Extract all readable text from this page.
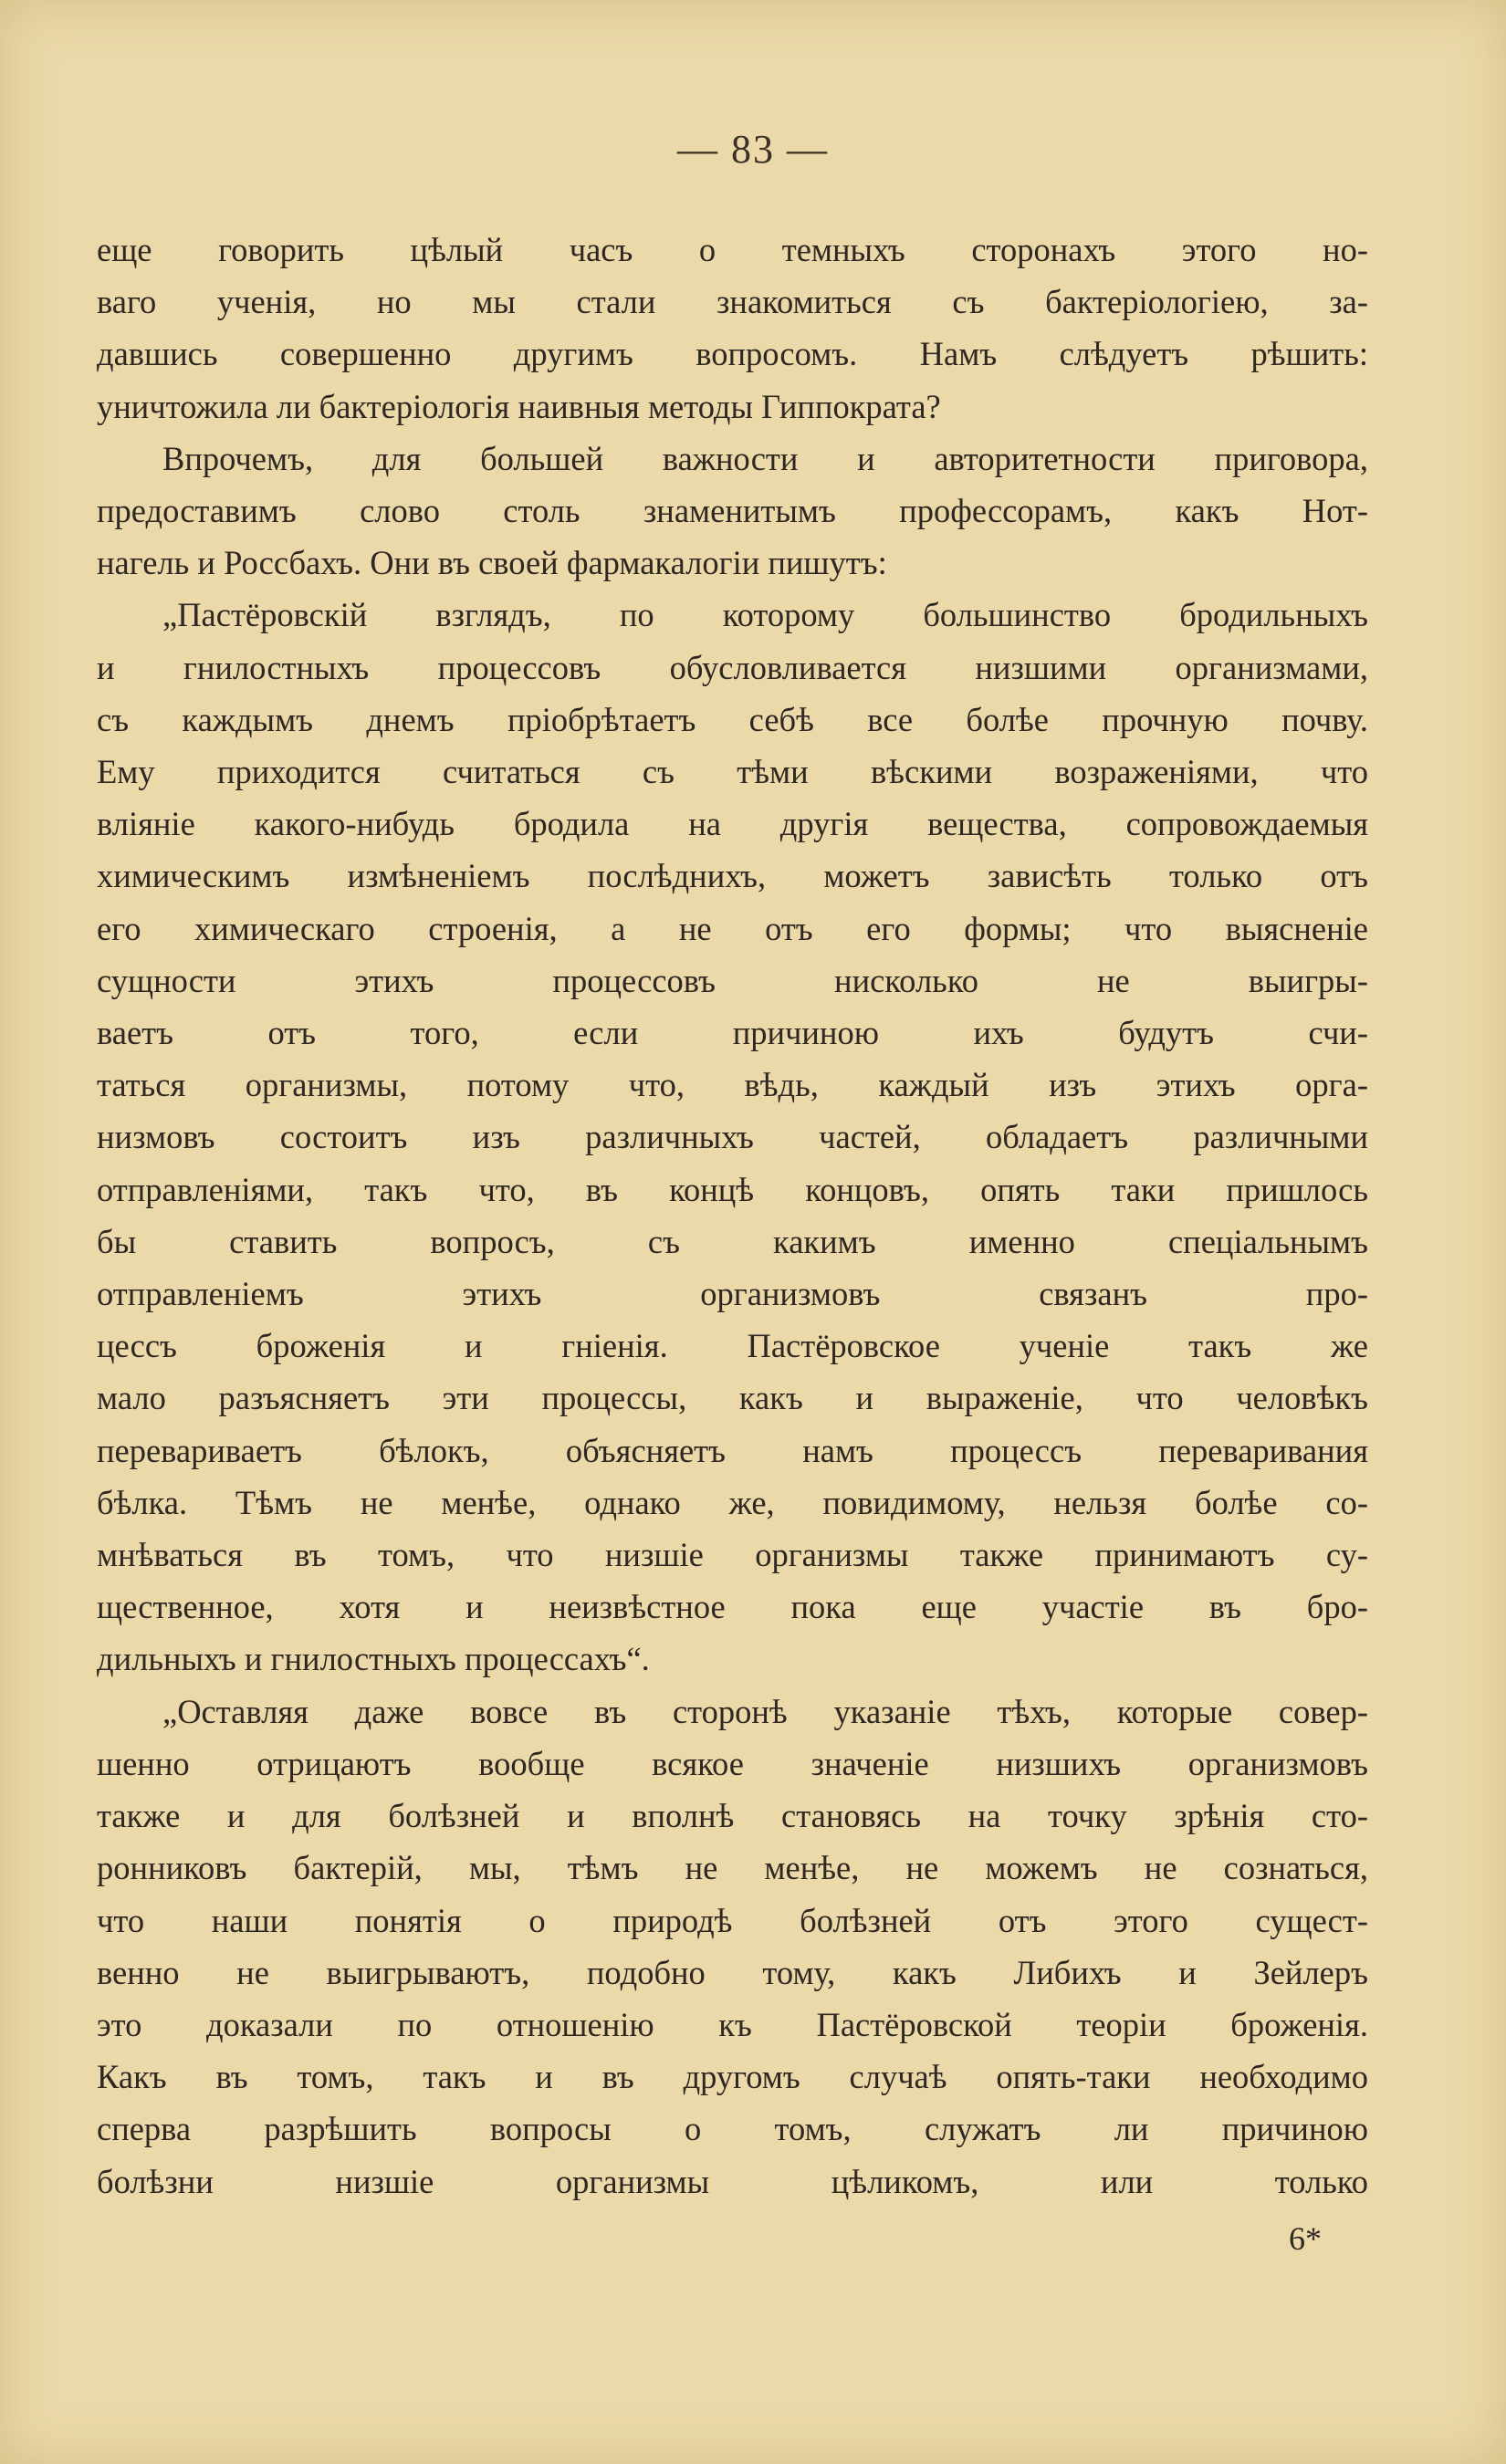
— 83 —
еще говорить цѣлый часъ о темныхъ сторонахъ этого но-
ваго ученія, но мы стали знакомиться съ бактеріологіею, за-
давшись совершенно другимъ вопросомъ. Намъ слѣдуетъ рѣшить:
уничтожила ли бактеріологія наивныя методы Гиппократа?
Впрочемъ, для большей важности и авторитетности приговора,
предоставимъ слово столь знаменитымъ профессорамъ, какъ Нот-
нагель и Россбахъ. Они въ своей фармакалогіи пишутъ:
„Пастёровскій взглядъ, по которому большинство бродильныхъ
и гнилостныхъ процессовъ обусловливается низшими организмами,
съ каждымъ днемъ пріобрѣтаетъ себѣ все болѣе прочную почву.
Ему приходится считаться съ тѣми вѣскими возраженіями, что
вліяніе какого-нибудь бродила на другія вещества, сопровождаемыя
химическимъ измѣненіемъ послѣднихъ, можетъ зависѣть только отъ
его химическаго строенія, а не отъ его формы; что выясненіе
сущности этихъ процессовъ нисколько не выигры-
ваетъ отъ того, если причиною ихъ будутъ счи-
таться организмы, потому что, вѣдь, каждый изъ этихъ орга-
низмовъ состоитъ изъ различныхъ частей, обладаетъ различными
отправленіями, такъ что, въ концѣ концовъ, опять таки пришлось
бы ставить вопросъ, съ какимъ именно спеціальнымъ
отправленіемъ этихъ организмовъ связанъ про-
цессъ броженія и гніенія. Пастёровское ученіе такъ же
мало разъясняетъ эти процессы, какъ и выраженіе, что человѣкъ
перевариваетъ бѣлокъ, объясняетъ намъ процессъ переваривания
бѣлка. Тѣмъ не менѣе, однако же, повидимому, нельзя болѣе со-
мнѣваться въ томъ, что низшіе организмы также принимаютъ су-
щественное, хотя и неизвѣстное пока еще участіе въ бро-
дильныхъ и гнилостныхъ процессахъ“.
„Оставляя даже вовсе въ сторонѣ указаніе тѣхъ, которые совер-
шенно отрицаютъ вообще всякое значеніе низшихъ организмовъ
также и для болѣзней и вполнѣ становясь на точку зрѣнія сто-
ронниковъ бактерій, мы, тѣмъ не менѣе, не можемъ не сознаться,
что наши понятія о природѣ болѣзней отъ этого сущест-
венно не выигрываютъ, подобно тому, какъ Либихъ и Зейлеръ
это доказали по отношенію къ Пастёровской теоріи броженія.
Какъ въ томъ, такъ и въ другомъ случаѣ опять-таки необходимо
сперва разрѣшить вопросы о томъ, служатъ ли причиною
болѣзни низшіе организмы цѣликомъ, или только
6*
